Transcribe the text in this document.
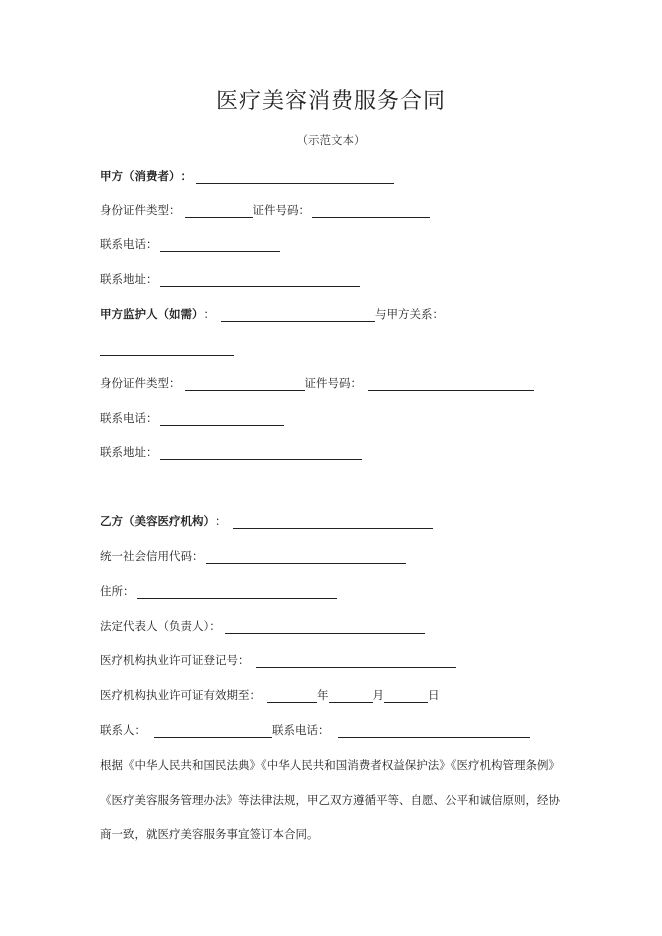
医疗美容消费服务合同
（示范文本）
甲方（消费者） ：
身份证件类型：	证件号码：
联系电话：
联系地址：
甲方监护人（如需） ：	与甲方关系：
身份证件类型：	证件号码：
联系电话：
联系地址：
乙方（美容医疗机构） ：
统一社会信用代码：
住所：
法定代表人（负责人）：
医疗机构执业许可证登记号：
医疗机构执业许可证有效期至：	年	月	日
联系人：	联系电话：
根据《中华人民共和国民法典》《中华人民共和国消费者权益保护法》《医疗机构管理条例》
《医疗美容服务管理办法》等法律法规，甲乙双方遵循平等、自愿、公平和诚信原则，经协
商一致，就医疗美容服务事宜签订本合同。
